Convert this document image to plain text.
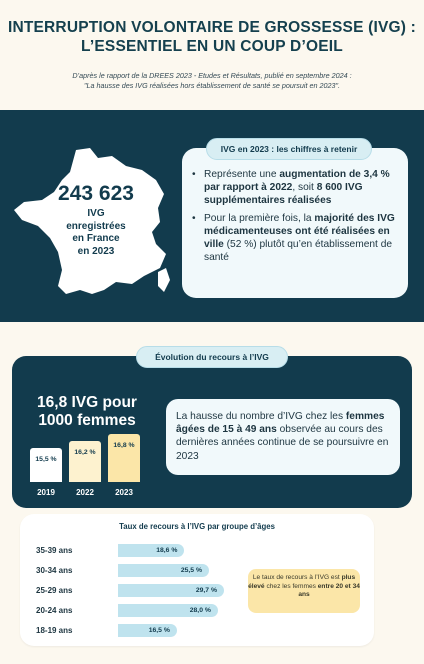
INTERRUPTION VOLONTAIRE DE GROSSESSE (IVG) :
L’ESSENTIEL EN UN COUP D’OEIL
D’après le rapport de la DREES 2023 - Etudes et Résultats, publié en septembre 2024 :
"La hausse des IVG réalisées hors établissement de santé se poursuit en 2023".
243 623
IVG
enregistrées
en France
en 2023
• Représente une augmentation de 3,4 % par rapport à 2022, soit 8 600 IVG supplémentaires réalisées
• Pour la première fois, la majorité des IVG médicamenteuses ont été réalisées en ville (52 %) plutôt qu’en établissement de santé
IVG en 2023 : les chiffres à retenir
Évolution du recours à l’IVG
16,8 IVG pour
1000 femmes
15,5 %
16,2 %
16,8 %
2019	2022	2023
La hausse du nombre d’IVG chez les femmes âgées de 15 à 49 ans observée au cours des dernières années continue de se poursuivre en 2023
Taux de recours à l’IVG par groupe d’âges
35-39 ans	18,6 %
30-34 ans	25,5 %
25-29 ans	29,7 %
20-24 ans	28,0 %
18-19 ans	16,5 %
Le taux de recours à l’IVG est plus élevé chez les femmes entre 20 et 34 ans
